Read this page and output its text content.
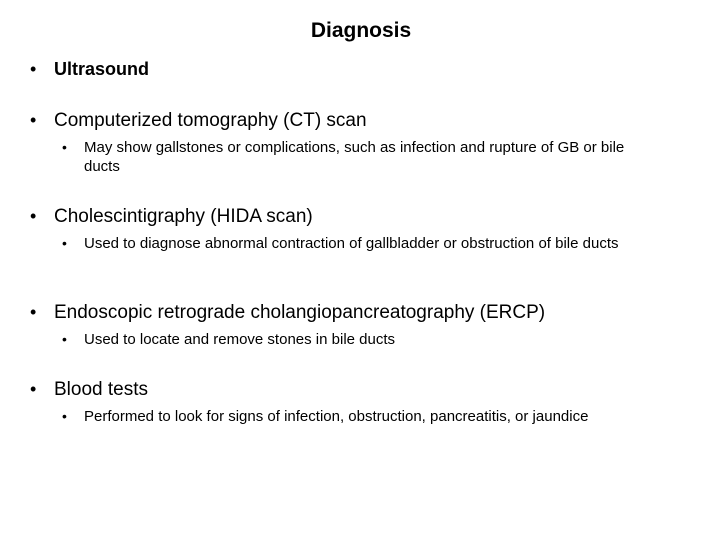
Diagnosis
• Ultrasound
• Computerized tomography (CT) scan
•	May show gallstones or complications, such as infection and rupture of GB or bile ducts
• Cholescintigraphy (HIDA scan)
•	Used to diagnose abnormal contraction of gallbladder or obstruction of bile ducts
• Endoscopic retrograde cholangiopancreatography (ERCP)
•	Used to locate and remove stones in bile ducts
• Blood tests
•	Performed to look for signs of infection, obstruction, pancreatitis, or jaundice
